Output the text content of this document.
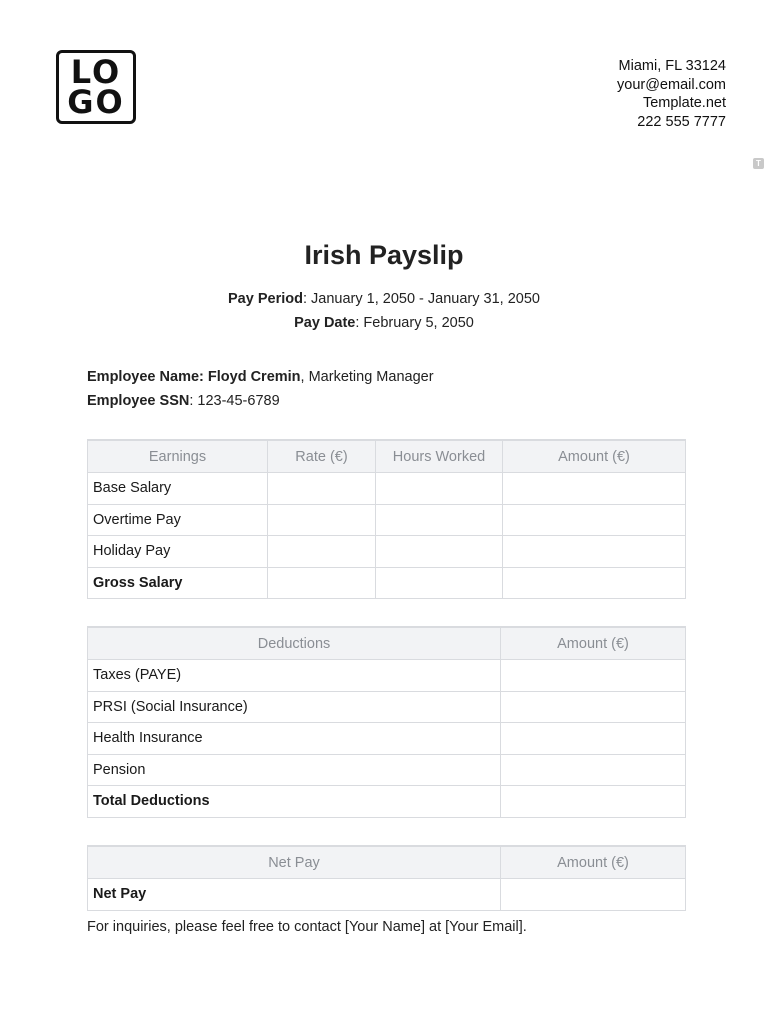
LO
GO
Miami, FL 33124
your@email.com
Template.net
222 555 7777
T
Irish Payslip
Pay Period: January 1, 2050 - January 31, 2050
Pay Date: February 5, 2050
Employee Name: Floyd Cremin, Marketing Manager
Employee SSN: 123-45-6789
Earnings	Rate (€)	Hours Worked	Amount (€)
Base Salary			
Overtime Pay			
Holiday Pay			
Gross Salary			
Deductions	Amount (€)
Taxes (PAYE)	
PRSI (Social Insurance)	
Health Insurance	
Pension	
Total Deductions	
Net Pay	Amount (€)
Net Pay	
For inquiries, please feel free to contact [Your Name] at [Your Email].
